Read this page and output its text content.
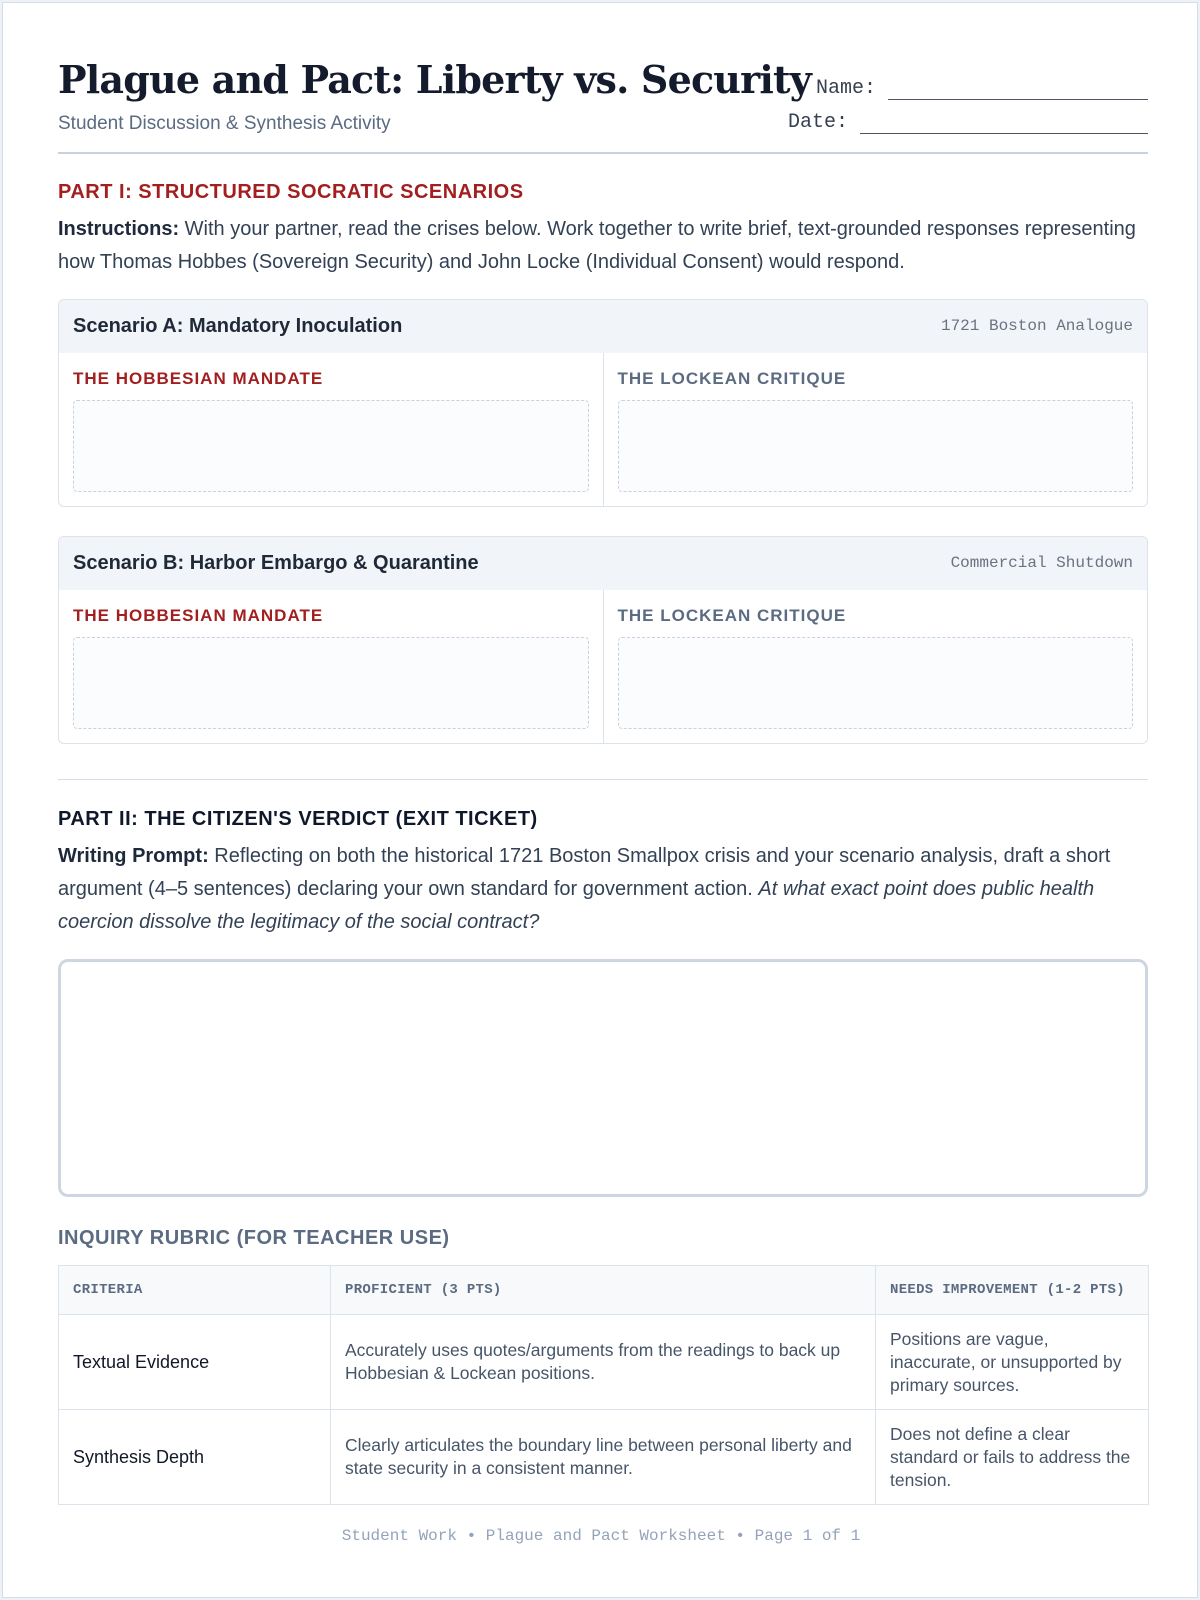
Plague and Pact: Liberty vs. Security
Student Discussion & Synthesis Activity
Name:
Date:
PART I: STRUCTURED SOCRATIC SCENARIOS

Instructions: With your partner, read the crises below. Work together to write brief, text-grounded responses representing how Thomas Hobbes (Sovereign Security) and John Locke (Individual Consent) would respond.

Scenario A: Mandatory Inoculation	1721 Boston Analogue
THE HOBBESIAN MANDATE	THE LOCKEAN CRITIQUE
Scenario B: Harbor Embargo & Quarantine	Commercial Shutdown
THE HOBBESIAN MANDATE	THE LOCKEAN CRITIQUE
PART II: THE CITIZEN'S VERDICT (EXIT TICKET)

Writing Prompt: Reflecting on both the historical 1721 Boston Smallpox crisis and your scenario analysis, draft a short argument (4–5 sentences) declaring your own standard for government action. At what exact point does public health coercion dissolve the legitimacy of the social contract?

INQUIRY RUBRIC (FOR TEACHER USE)
CRITERIA	PROFICIENT (3 PTS)	NEEDS IMPROVEMENT (1-2 PTS)
Textual Evidence	Accurately uses quotes/arguments from the readings to back up Hobbesian & Lockean positions.	Positions are vague, inaccurate, or unsupported by primary sources.
Synthesis Depth	Clearly articulates the boundary line between personal liberty and state security in a consistent manner.	Does not define a clear standard or fails to address the tension.
Student Work • Plague and Pact Worksheet • Page 1 of 1
